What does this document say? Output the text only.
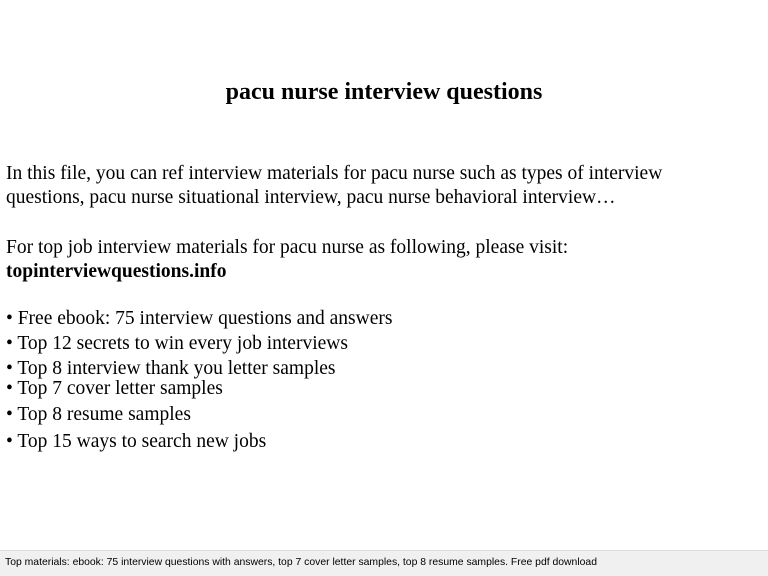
pacu nurse interview questions
In this file, you can ref interview materials for pacu nurse such as types of interview
questions, pacu nurse situational interview, pacu nurse behavioral interview…
For top job interview materials for pacu nurse as following, please visit:
topinterviewquestions.info
• Free ebook: 75 interview questions and answers
• Top 12 secrets to win every job interviews
• Top 8 interview thank you letter samples
• Top 7 cover letter samples
• Top 8 resume samples
• Top 15 ways to search new jobs
Top materials: ebook: 75 interview questions with answers, top 7 cover letter samples, top 8 resume samples. Free pdf download
